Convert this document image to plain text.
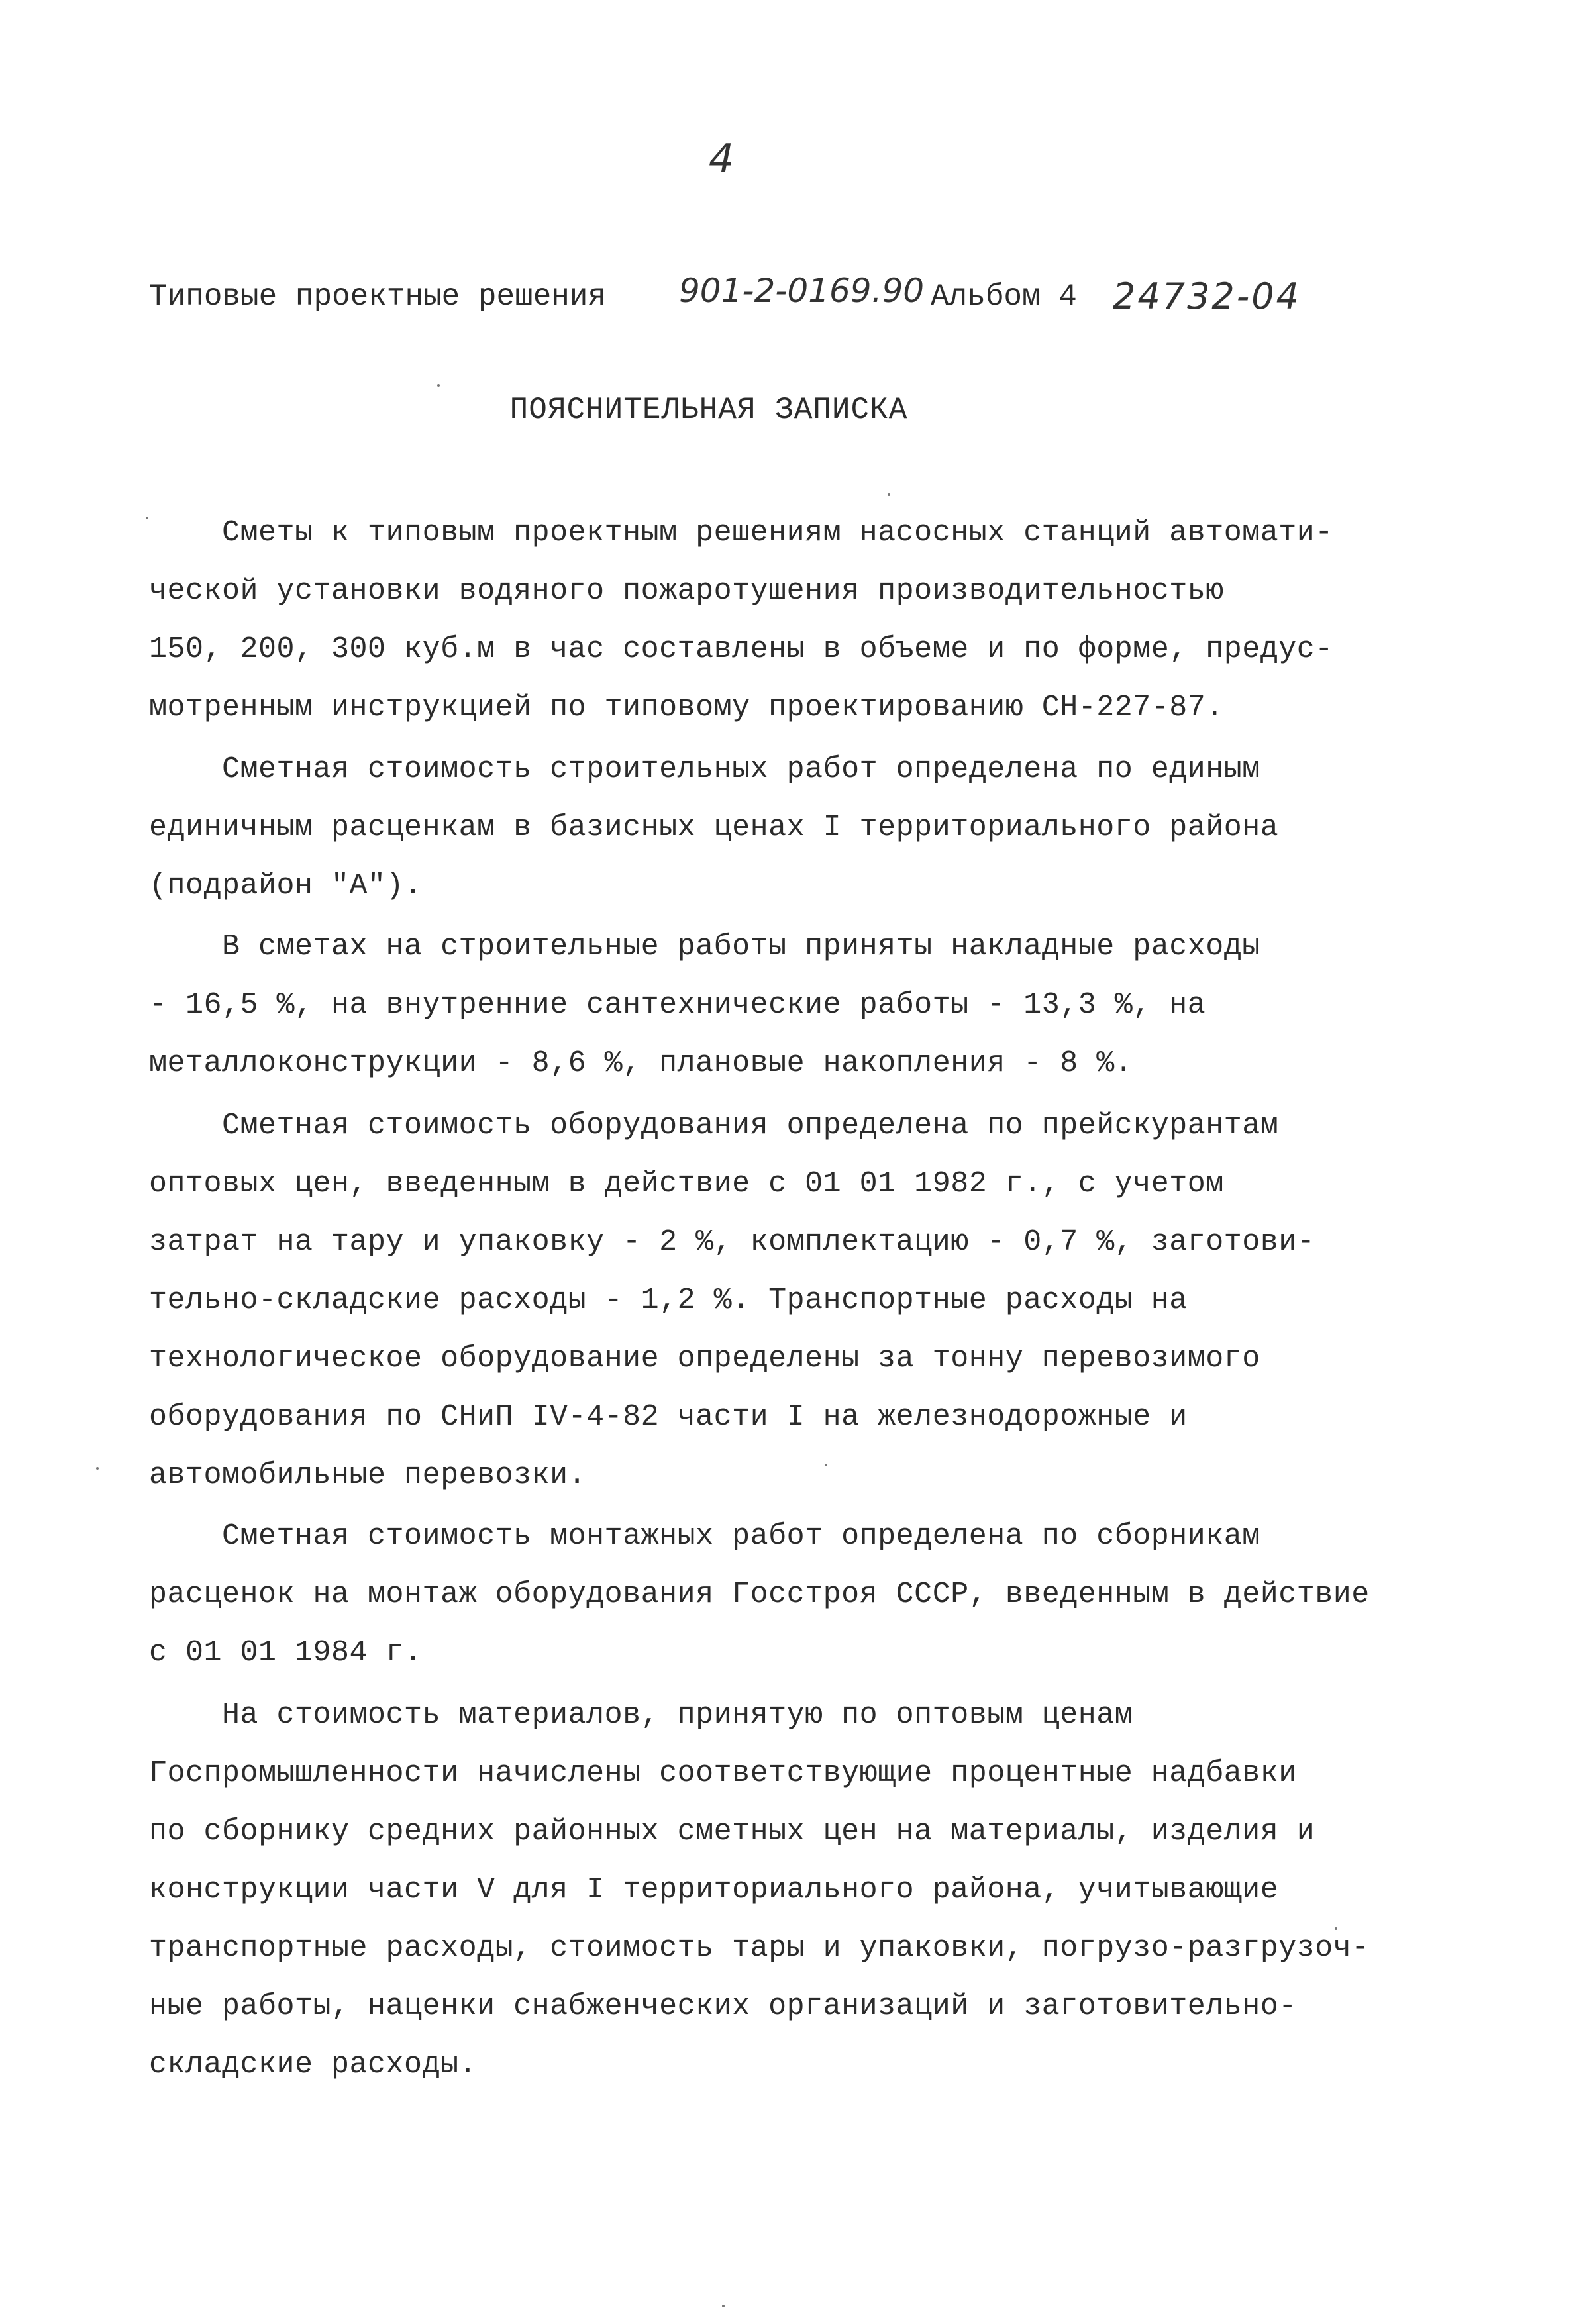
4
Типовые проектные решения 901-2-0169.90 Альбом 4 24732-04
ПОЯСНИТЕЛЬНАЯ ЗАПИСКА
Сметы к типовым проектным решениям насосных станций автомати-
ческой установки водяного пожаротушения производительностью
150, 200, 300 куб.м в час составлены в объеме и по форме, предус-
мотренным инструкцией по типовому проектированию СН-227-87.
Сметная стоимость строительных работ определена по единым
единичным расценкам в базисных ценах I территориального района
(подрайон "А").
В сметах на строительные работы приняты накладные расходы
- 16,5 %, на внутренние сантехнические работы - 13,3 %, на
металлоконструкции - 8,6 %, плановые накопления - 8 %.
Сметная стоимость оборудования определена по прейскурантам
оптовых цен, введенным в действие с 01 01 1982 г., с учетом
затрат на тару и упаковку - 2 %, комплектацию - 0,7 %, заготови-
тельно-складские расходы - 1,2 %. Транспортные расходы на
технологическое оборудование определены за тонну перевозимого
оборудования по СНиП IV-4-82 части I на железнодорожные и
автомобильные перевозки.
Сметная стоимость монтажных работ определена по сборникам
расценок на монтаж оборудования Госстроя СССР, введенным в действие
с 01 01 1984 г.
На стоимость материалов, принятую по оптовым ценам
Госпромышленности начислены соответствующие процентные надбавки
по сборнику средних районных сметных цен на материалы, изделия и
конструкции части V для I территориального района, учитывающие
транспортные расходы, стоимость тары и упаковки, погрузо-разгрузоч-
ные работы, наценки снабженческих организаций и заготовительно-
складские расходы.
